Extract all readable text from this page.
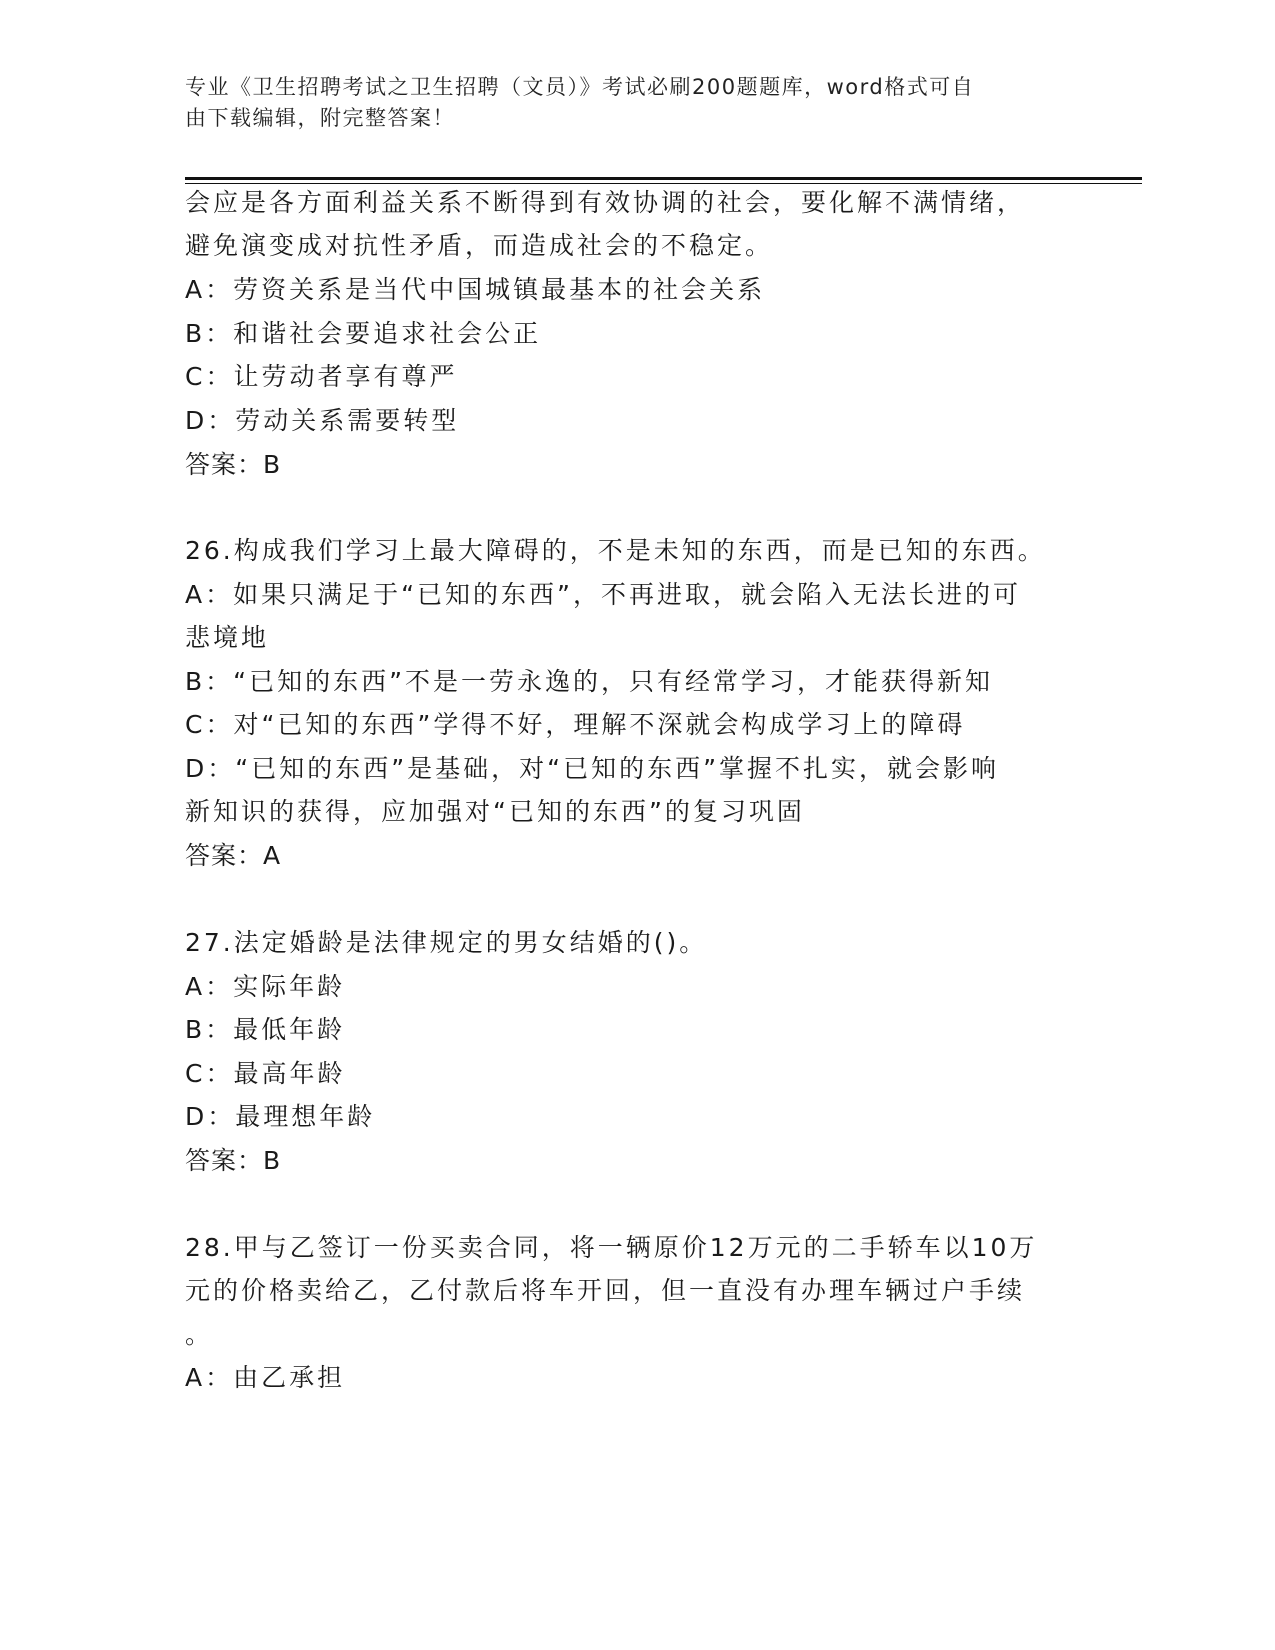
专业《卫生招聘考试之卫生招聘（文员）》考试必刷200题题库，word格式可自
由下载编辑，附完整答案！
会应是各方面利益关系不断得到有效协调的社会，要化解不满情绪，
避免演变成对抗性矛盾，而造成社会的不稳定。
A：劳资关系是当代中国城镇最基本的社会关系
B：和谐社会要追求社会公正
C：让劳动者享有尊严
D：劳动关系需要转型
答案：B
26.构成我们学习上最大障碍的，不是未知的东西，而是已知的东西。
A：如果只满足于“已知的东西”，不再进取，就会陷入无法长进的可
悲境地
B：“已知的东西”不是一劳永逸的，只有经常学习，才能获得新知
C：对“已知的东西”学得不好，理解不深就会构成学习上的障碍
D：“已知的东西”是基础，对“已知的东西”掌握不扎实，就会影响
新知识的获得，应加强对“已知的东西”的复习巩固
答案：A
27.法定婚龄是法律规定的男女结婚的()。
A：实际年龄
B：最低年龄
C：最高年龄
D：最理想年龄
答案：B
28.甲与乙签订一份买卖合同，将一辆原价12万元的二手轿车以10万
元的价格卖给乙，乙付款后将车开回，但一直没有办理车辆过户手续
。
A：由乙承担
